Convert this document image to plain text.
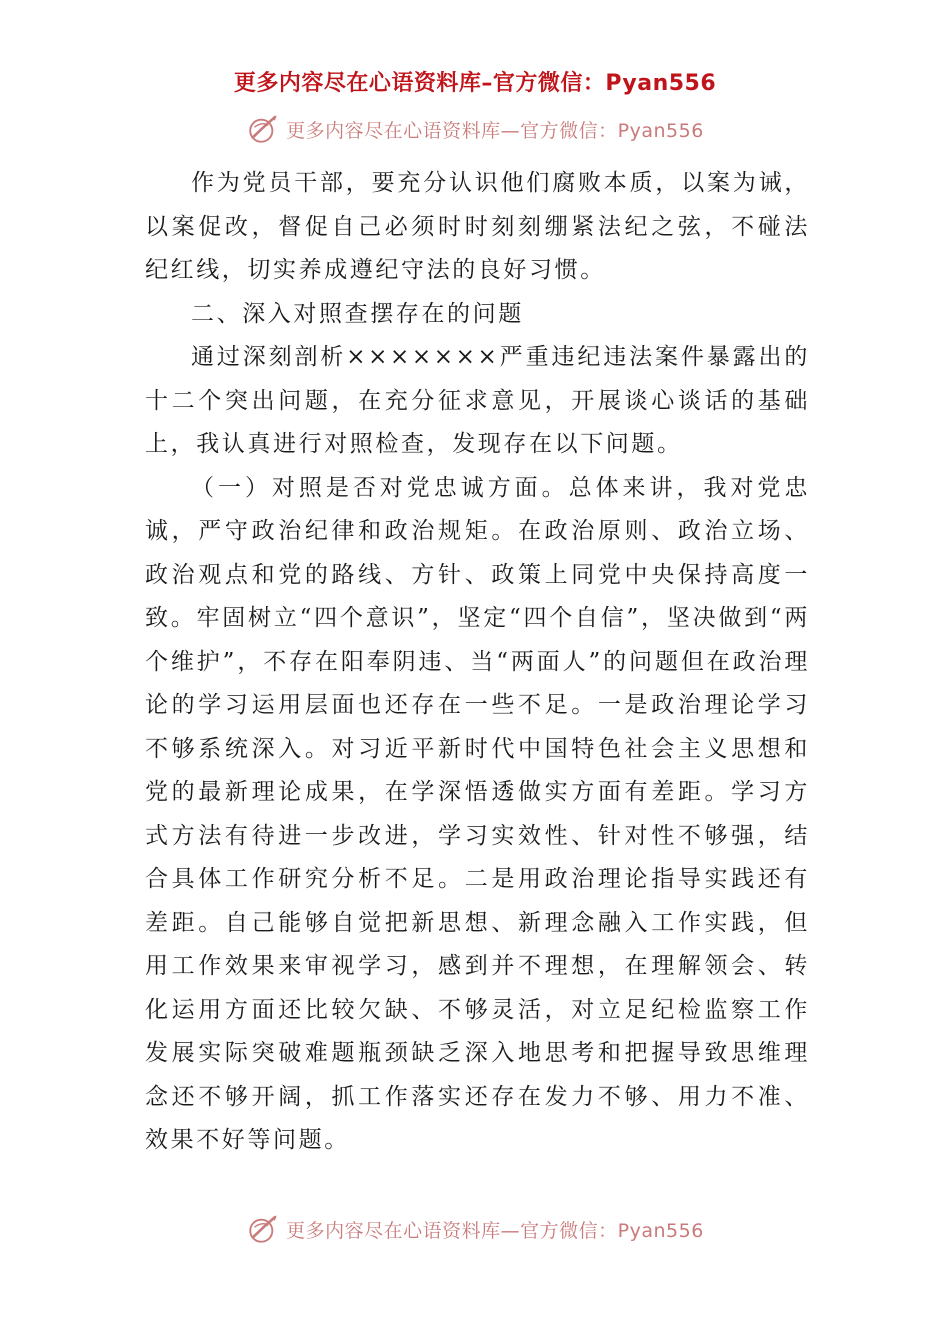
更多内容尽在心语资料库–官方微信：Pyan556
更多内容尽在心语资料库—官方微信：Pyan556

作为党员干部，要充分认识他们腐败本质，以案为诫，以案促改，督促自己必须时时刻刻绷紧法纪之弦，不碰法纪红线，切实养成遵纪守法的良好习惯。

二、深入对照查摆存在的问题

通过深刻剖析×××××××严重违纪违法案件暴露出的十二个突出问题，在充分征求意见，开展谈心谈话的基础上，我认真进行对照检查，发现存在以下问题。

（一）对照是否对党忠诚方面。总体来讲，我对党忠诚，严守政治纪律和政治规矩。在政治原则、政治立场、政治观点和党的路线、方针、政策上同党中央保持高度一致。牢固树立“四个意识”，坚定“四个自信”，坚决做到“两个维护”，不存在阳奉阴违、当“两面人”的问题但在政治理论的学习运用层面也还存在一些不足。一是政治理论学习不够系统深入。对习近平新时代中国特色社会主义思想和党的最新理论成果，在学深悟透做实方面有差距。学习方式方法有待进一步改进，学习实效性、针对性不够强，结合具体工作研究分析不足。二是用政治理论指导实践还有差距。自己能够自觉把新思想、新理念融入工作实践，但用工作效果来审视学习，感到并不理想，在理解领会、转化运用方面还比较欠缺、不够灵活，对立足纪检监察工作发展实际突破难题瓶颈缺乏深入地思考和把握导致思维理念还不够开阔，抓工作落实还存在发力不够、用力不准、效果不好等问题。

更多内容尽在心语资料库—官方微信：Pyan556
